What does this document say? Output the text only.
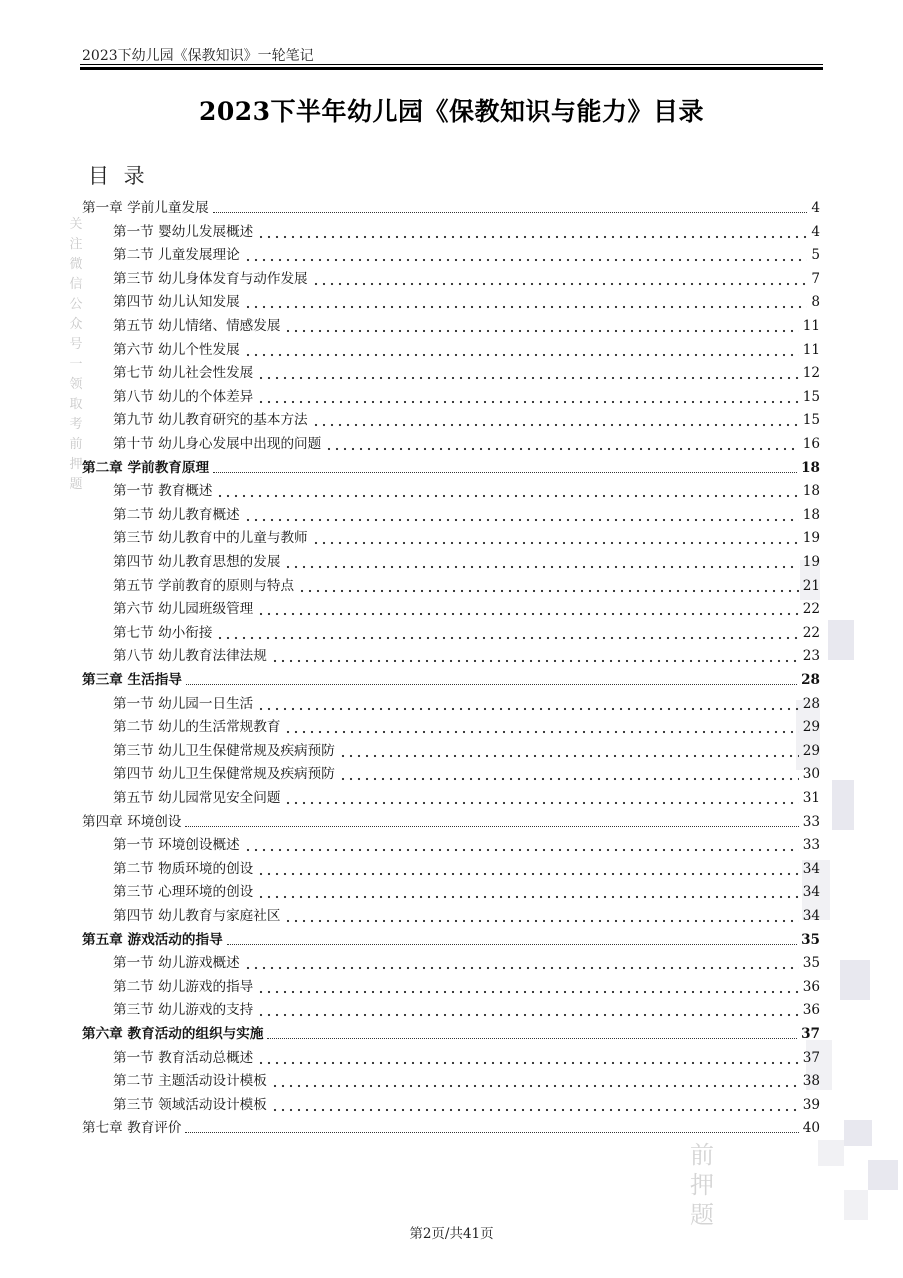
2023下幼儿园《保教知识》一轮笔记
关注微信公众号一领取考前押题
前押题
2023下半年幼儿园《保教知识与能力》目录
目 录
第一章 学前儿童发展	4
第一节 婴幼儿发展概述	4
第二节 儿童发展理论	5
第三节 幼儿身体发育与动作发展	7
第四节 幼儿认知发展	8
第五节 幼儿情绪、情感发展	11
第六节 幼儿个性发展	11
第七节 幼儿社会性发展	12
第八节 幼儿的个体差异	15
第九节 幼儿教育研究的基本方法	15
第十节 幼儿身心发展中出现的问题	16
第二章 学前教育原理	18
第一节 教育概述	18
第二节 幼儿教育概述	18
第三节 幼儿教育中的儿童与教师	19
第四节 幼儿教育思想的发展	19
第五节 学前教育的原则与特点	21
第六节 幼儿园班级管理	22
第七节 幼小衔接	22
第八节 幼儿教育法律法规	23
第三章 生活指导	28
第一节 幼儿园一日生活	28
第二节 幼儿的生活常规教育	29
第三节 幼儿卫生保健常规及疾病预防	29
第四节 幼儿卫生保健常规及疾病预防	30
第五节 幼儿园常见安全问题	31
第四章 环境创设	33
第一节 环境创设概述	33
第二节 物质环境的创设	34
第三节 心理环境的创设	34
第四节 幼儿教育与家庭社区	34
第五章 游戏活动的指导	35
第一节 幼儿游戏概述	35
第二节 幼儿游戏的指导	36
第三节 幼儿游戏的支持	36
第六章 教育活动的组织与实施	37
第一节 教育活动总概述	37
第二节 主题活动设计模板	38
第三节 领域活动设计模板	39
第七章 教育评价	40
第2页/共41页
